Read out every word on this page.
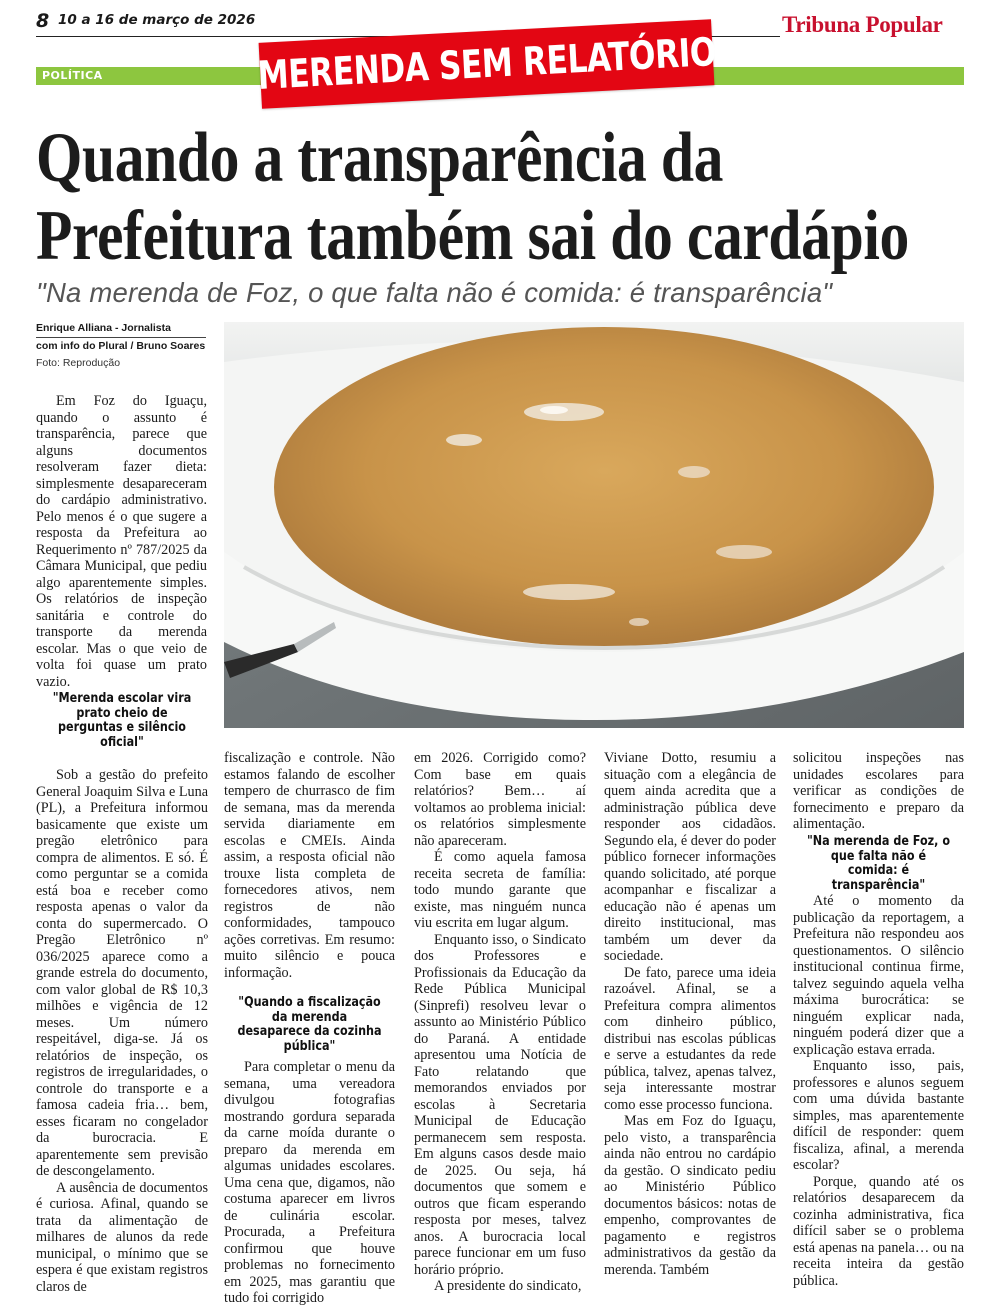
8 10 a 16 de março de 2026	Tribuna Popular
POLÍTICA	MERENDA SEM RELATÓRIO
Quando a transparência da
Prefeitura também sai do cardápio
"Na merenda de Foz, o que falta não é comida: é transparência"
Enrique Alliana - Jornalista
com info do Plural / Bruno Soares
Foto: Reprodução

Em Foz do Iguaçu, quando o assunto é transparência, parece que alguns documentos resolveram fazer dieta: simplesmente desapareceram do cardápio administrativo. Pelo menos é o que sugere a resposta da Prefeitura ao Requerimento nº 787/2025 da Câmara Municipal, que pediu algo aparentemente simples. Os relatórios de inspeção sanitária e controle do transporte da merenda escolar. Mas o que veio de volta foi quase um prato vazio.

"Merenda escolar vira prato cheio de perguntas e silêncio oficial"

Sob a gestão do prefeito General Joaquim Silva e Luna (PL), a Prefeitura informou basicamente que existe um pregão eletrônico para compra de alimentos. E só. É como perguntar se a comida está boa e receber como resposta apenas o valor da conta do supermercado. O Pregão Eletrônico nº 036/2025 aparece como a grande estrela do documento, com valor global de R$ 10,3 milhões e vigência de 12 meses. Um número respeitável, diga-se. Já os relatórios de inspeção, os registros de irregularidades, o controle do transporte e a famosa cadeia fria… bem, esses ficaram no congelador da burocracia. E aparentemente sem previsão de descongelamento.

A ausência de documentos é curiosa. Afinal, quando se trata da alimentação de milhares de alunos da rede municipal, o mínimo que se espera é que existam registros claros de

fiscalização e controle. Não estamos falando de escolher tempero de churrasco de fim de semana, mas da merenda servida diariamente em escolas e CMEIs. Ainda assim, a resposta oficial não trouxe lista completa de fornecedores ativos, nem registros de não conformidades, tampouco ações corretivas. Em resumo: muito silêncio e pouca informação.

"Quando a fiscalização da merenda desaparece da cozinha pública"

Para completar o menu da semana, uma vereadora divulgou fotografias mostrando gordura separada da carne moída durante o preparo da merenda em algumas unidades escolares. Uma cena que, digamos, não costuma aparecer em livros de culinária escolar. Procurada, a Prefeitura confirmou que houve problemas no fornecimento em 2025, mas garantiu que tudo foi corrigido

em 2026. Corrigido como? Com base em quais relatórios? Bem… aí voltamos ao problema inicial: os relatórios simplesmente não apareceram.

É como aquela famosa receita secreta de família: todo mundo garante que existe, mas ninguém nunca viu escrita em lugar algum.

Enquanto isso, o Sindicato dos Professores e Profissionais da Educação da Rede Pública Municipal (Sinprefi) resolveu levar o assunto ao Ministério Público do Paraná. A entidade apresentou uma Notícia de Fato relatando que memorandos enviados por escolas à Secretaria Municipal de Educação permanecem sem resposta. Em alguns casos desde maio de 2025. Ou seja, há documentos que somem e outros que ficam esperando resposta por meses, talvez anos. A burocracia local parece funcionar em um fuso horário próprio.

A presidente do sindicato,

Viviane Dotto, resumiu a situação com a elegância de quem ainda acredita que a administração pública deve responder aos cidadãos. Segundo ela, é dever do poder público fornecer informações quando solicitado, até porque acompanhar e fiscalizar a educação não é apenas um direito institucional, mas também um dever da sociedade.

De fato, parece uma ideia razoável. Afinal, se a Prefeitura compra alimentos com dinheiro público, distribui nas escolas públicas e serve a estudantes da rede pública, talvez, apenas talvez, seja interessante mostrar como esse processo funciona.

Mas em Foz do Iguaçu, pelo visto, a transparência ainda não entrou no cardápio da gestão. O sindicato pediu ao Ministério Público documentos básicos: notas de empenho, comprovantes de pagamento e registros administrativos da gestão da merenda. Também

solicitou inspeções nas unidades escolares para verificar as condições de fornecimento e preparo da alimentação.

"Na merenda de Foz, o que falta não é comida: é transparência"

Até o momento da publicação da reportagem, a Prefeitura não respondeu aos questionamentos. O silêncio institucional continua firme, talvez seguindo aquela velha máxima burocrática: se ninguém explicar nada, ninguém poderá dizer que a explicação estava errada.

Enquanto isso, pais, professores e alunos seguem com uma dúvida bastante simples, mas aparentemente difícil de responder: quem fiscaliza, afinal, a merenda escolar?

Porque, quando até os relatórios desaparecem da cozinha administrativa, fica difícil saber se o problema está apenas na panela… ou na receita inteira da gestão pública.
